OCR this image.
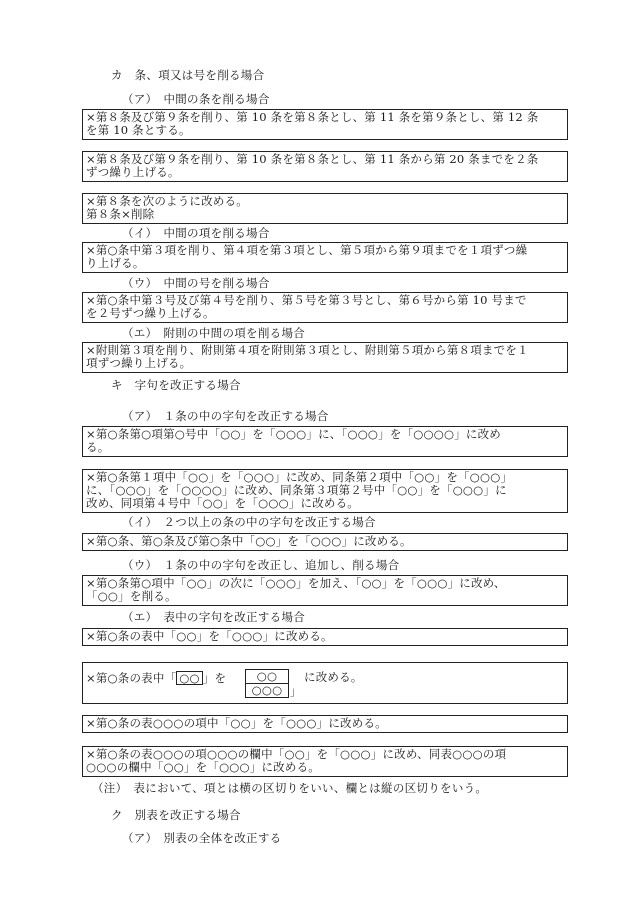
カ　条、項又は号を削る場合
（ア）　中間の条を削る場合
×第８条及び第９条を削り、第 10 条を第８条とし、第 11 条を第９条とし、第 12 条
を第 10 条とする。
×第８条及び第９条を削り、第 10 条を第８条とし、第 11 条から第 20 条までを２条
ずつ繰り上げる。
×第８条を次のように改める。
第８条×削除
（イ）　中間の項を削る場合
×第○条中第３項を削り、第４項を第３項とし、第５項から第９項までを１項ずつ繰
り上げる。
（ウ）　中間の号を削る場合
×第○条中第３号及び第４号を削り、第５号を第３号とし、第６号から第 10 号まで
を２号ずつ繰り上げる。
（エ）　附則の中間の項を削る場合
×附則第３項を削り、附則第４項を附則第３項とし、附則第５項から第８項までを１
項ずつ繰り上げる。
キ　字句を改正する場合
（ア）　１条の中の字句を改正する場合
×第○条第○項第○号中「○○」を「○○○」に、「○○○」を「○○○○」に改め
る。
×第○条第１項中「○○」を「○○○」に改め、同条第２項中「○○」を「○○○」
に、「○○○」を「○○○○」に改め、同条第３項第２号中「○○」を「○○○」に
改め、同項第４号中「○○」を「○○○」に改める。
（イ）　２つ以上の条の中の字句を改正する場合
×第○条、第○条及び第○条中「○○」を「○○○」に改める。
（ウ）　１条の中の字句を改正し、追加し、削る場合
×第○条第○項中「○○」の次に「○○○」を加え、「○○」を「○○○」に改め、
「○○」を削る。
（エ）　表中の字句を改正する場合
×第○条の表中「○○」を「○○○」に改める。
×第○条の表中「 ○○ 」を	○○
○○○ 」
に改める。
×第○条の表○○○の項中「○○」を「○○○」に改める。
×第○条の表○○○の項○○○の欄中「○○」を「○○○」に改め、同表○○○の項
○○○の欄中「○○」を「○○○」に改める。
（注）　表において、項とは横の区切りをいい、欄とは縦の区切りをいう。
ク　別表を改正する場合
（ア）　別表の全体を改正する
